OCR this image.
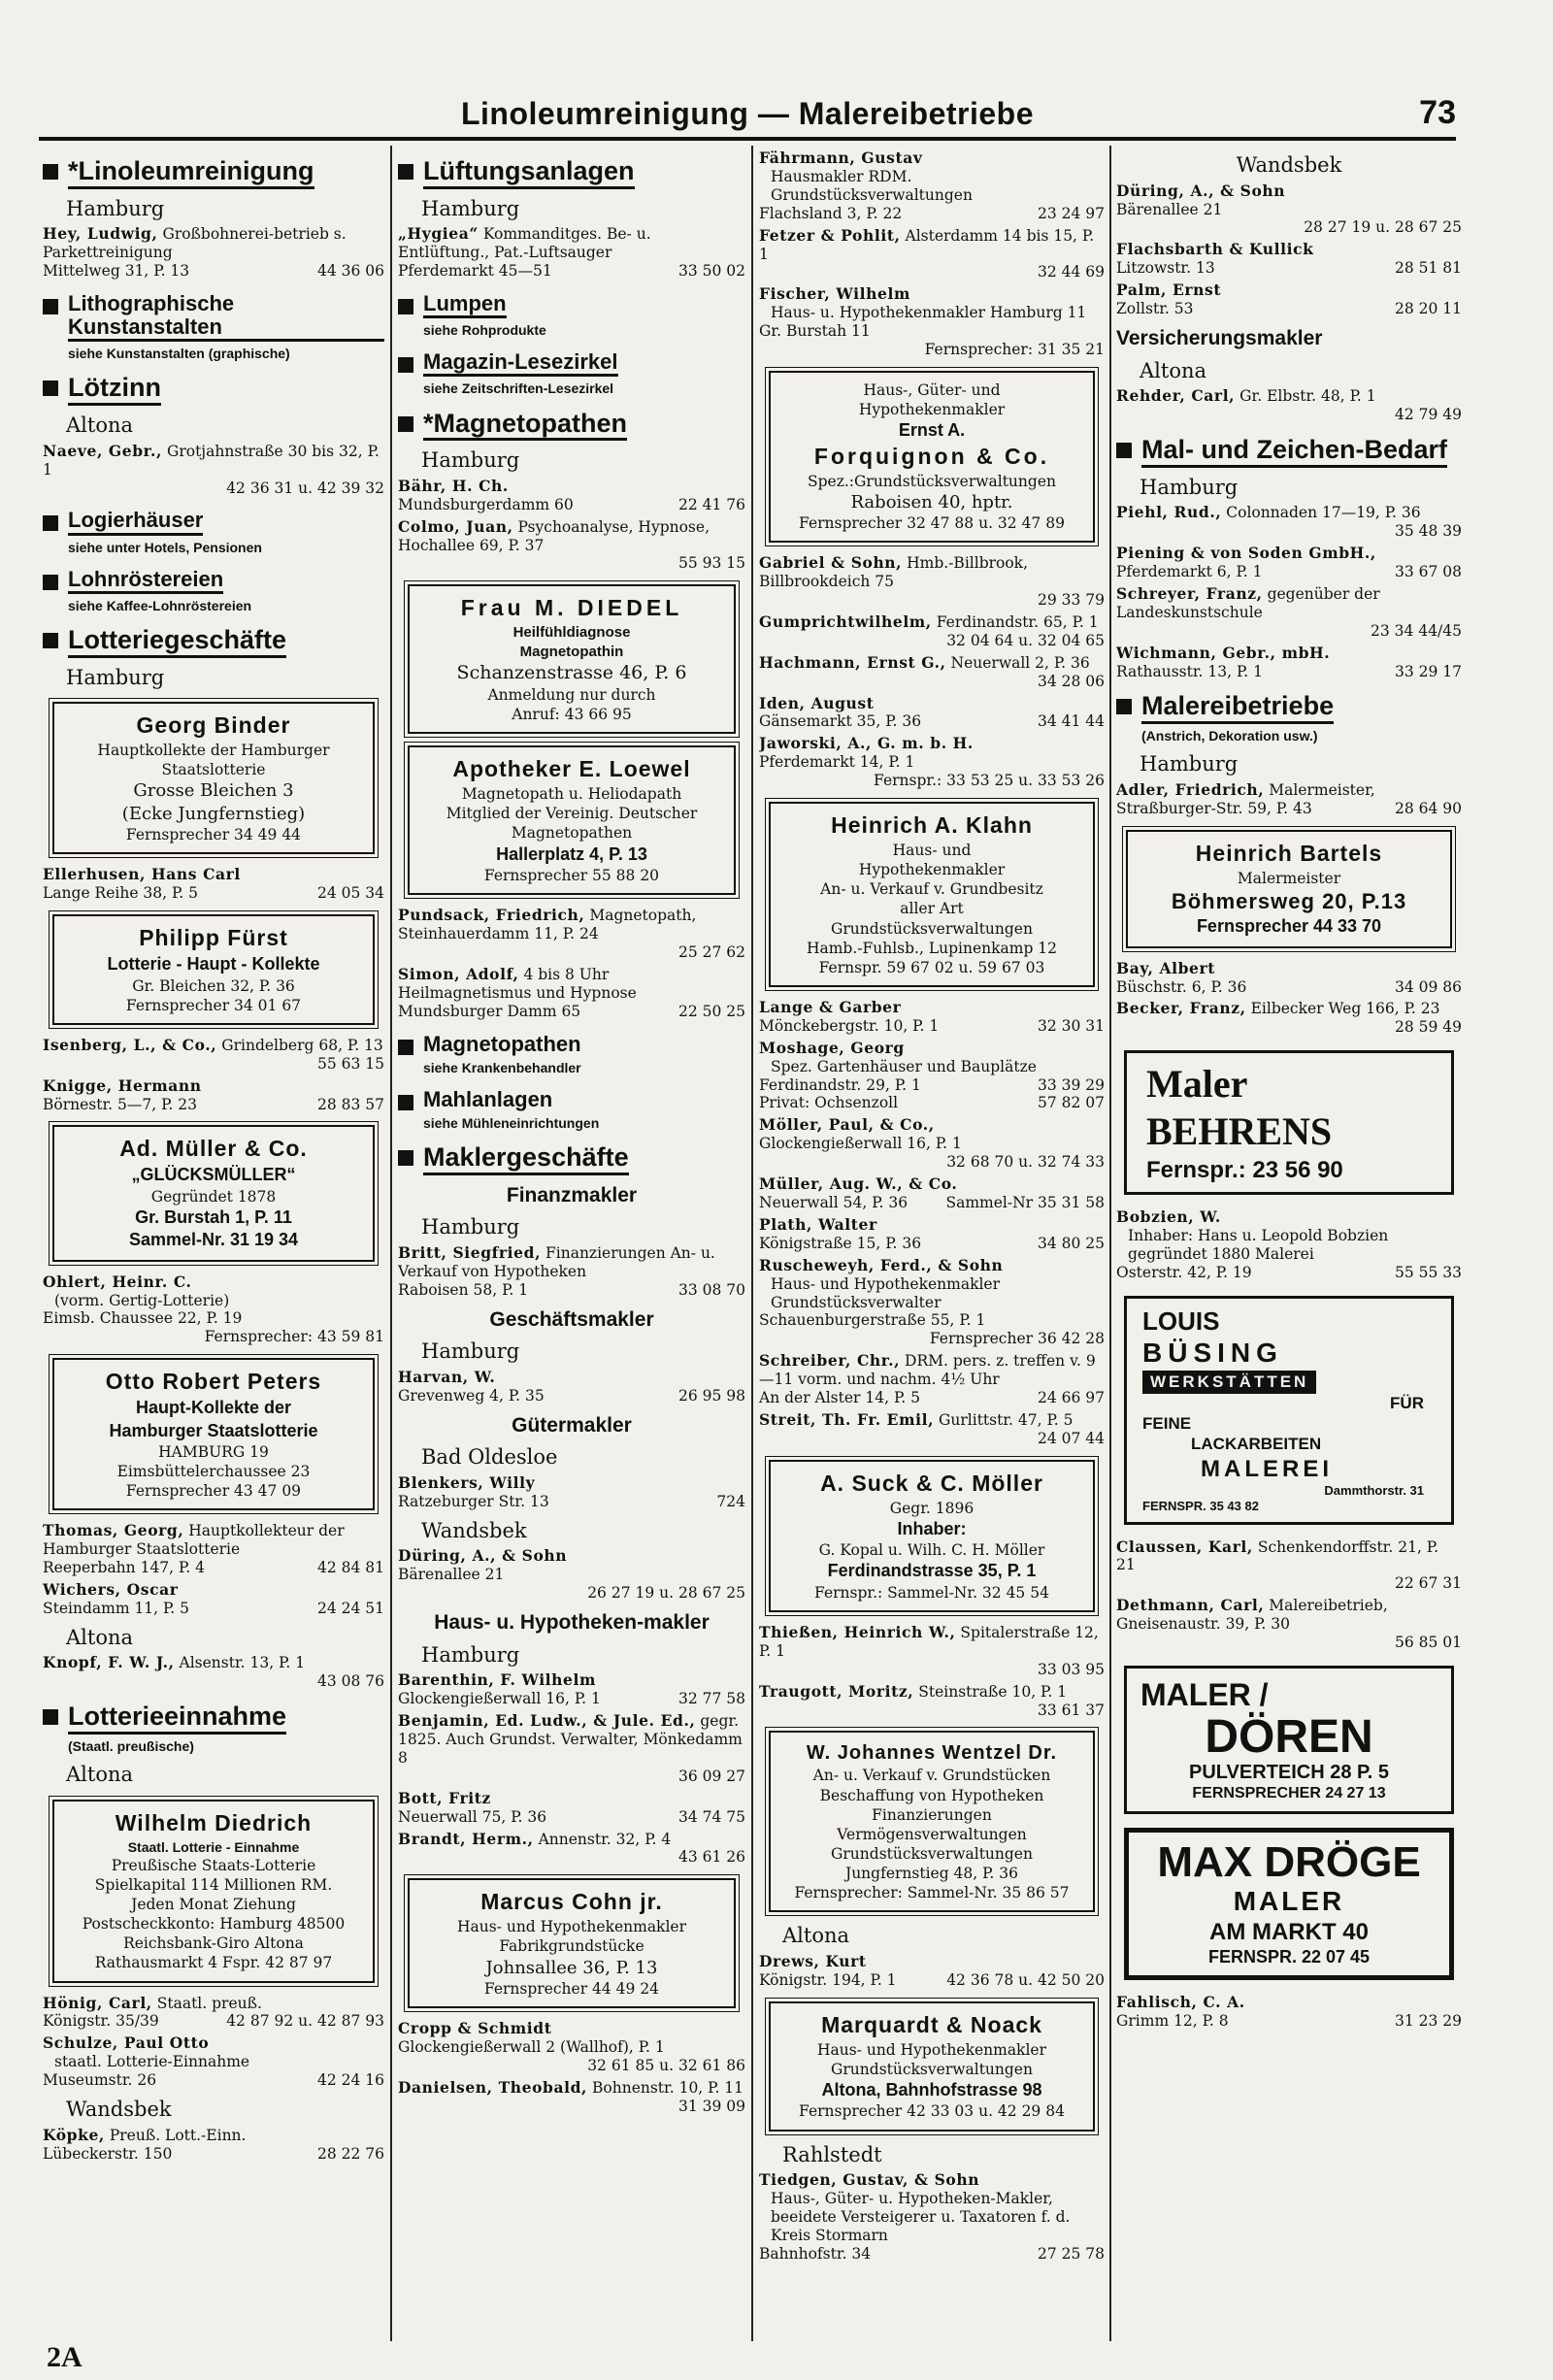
Linoleumreinigung — Malereibetriebe	73
*Linoleumreinigung
Hamburg
Hey, Ludwig, Großbohnerei-betrieb s. Parkettreinigung
Mittelweg 31, P. 13	44 36 06
Lithographische Kunstanstalten
siehe Kunstanstalten (graphische)
Lötzinn
Altona
Naeve, Gebr., Grotjahnstraße 30 bis 32, P. 1
42 36 31 u. 42 39 32
Logierhäuser
siehe unter Hotels, Pensionen
Lohnröstereien
siehe Kaffee-Lohnröstereien
Lotteriegeschäfte
Hamburg
Georg Binder
Hauptkollekte der Hamburger Staatslotterie
Grosse Bleichen 3
(Ecke Jungfernstieg)
Fernsprecher 34 49 44
Ellerhusen, Hans Carl
Lange Reihe 38, P. 5	24 05 34
Philipp Fürst
Lotterie - Haupt - Kollekte
Gr. Bleichen 32, P. 36
Fernsprecher 34 01 67
Isenberg, L., & Co., Grindelberg 68, P. 13
55 63 15
Knigge, Hermann
Börnestr. 5—7, P. 23	28 83 57
Ad. Müller & Co.
„GLÜCKSMÜLLER“
Gegründet 1878
Gr. Burstah 1, P. 11
Sammel-Nr. 31 19 34
Ohlert, Heinr. C.
(vorm. Gertig-Lotterie)
Eimsb. Chaussee 22, P. 19
Fernsprecher: 43 59 81
Otto Robert Peters
Haupt-Kollekte der
Hamburger Staatslotterie
HAMBURG 19
Eimsbüttelerchaussee 23
Fernsprecher 43 47 09
Thomas, Georg, Hauptkollekteur der Hamburger Staatslotterie
Reeperbahn 147, P. 4	42 84 81
Wichers, Oscar
Steindamm 11, P. 5	24 24 51
Altona
Knopf, F. W. J., Alsenstr. 13, P. 1
43 08 76
Lotterieeinnahme
(Staatl. preußische)
Altona
Wilhelm Diedrich
Staatl. Lotterie - Einnahme
Preußische Staats-Lotterie
Spielkapital 114 Millionen RM.
Jeden Monat Ziehung
Postscheckkonto: Hamburg 48500
Reichsbank-Giro Altona
Rathausmarkt 4 Fspr. 42 87 97
Hönig, Carl, Staatl. preuß.
Königstr. 35/39	42 87 92 u. 42 87 93
Schulze, Paul Otto
staatl. Lotterie-Einnahme
Museumstr. 26	42 24 16
Wandsbek
Köpke, Preuß. Lott.-Einn.
Lübeckerstr. 150	28 22 76
Lüftungsanlagen
Hamburg
„Hygiea“ Kommanditges. Be- u. Entlüftung., Pat.-Luftsauger
Pferdemarkt 45—51	33 50 02
Lumpen
siehe Rohprodukte
Magazin-Lesezirkel
siehe Zeitschriften-Lesezirkel
*Magnetopathen
Hamburg
Bähr, H. Ch.
Mundsburgerdamm 60	22 41 76
Colmo, Juan, Psychoanalyse, Hypnose, Hochallee 69, P. 37
55 93 15
Frau M. DIEDEL
Heilfühldiagnose
Magnetopathin
Schanzenstrasse 46, P. 6
Anmeldung nur durch
Anruf: 43 66 95
Apotheker E. Loewel
Magnetopath u. Heliodapath
Mitglied der Vereinig. Deutscher
Magnetopathen
Hallerplatz 4, P. 13
Fernsprecher 55 88 20
Pundsack, Friedrich, Magnetopath, Steinhauerdamm 11, P. 24
25 27 62
Simon, Adolf, 4 bis 8 Uhr Heilmagnetismus und Hypnose
Mundsburger Damm 65	22 50 25
Magnetopathen
siehe Krankenbehandler
Mahlanlagen
siehe Mühleneinrichtungen
Maklergeschäfte
Finanzmakler
Hamburg
Britt, Siegfried, Finanzierungen An- u. Verkauf von Hypotheken
Raboisen 58, P. 1	33 08 70
Geschäftsmakler
Hamburg
Harvan, W.
Grevenweg 4, P. 35	26 95 98
Gütermakler
Bad Oldesloe
Blenkers, Willy
Ratzeburger Str. 13	724
Wandsbek
Düring, A., & Sohn
Bärenallee 21
26 27 19 u. 28 67 25
Haus- u. Hypotheken-makler
Hamburg
Barenthin, F. Wilhelm
Glockengießerwall 16, P. 1	32 77 58
Benjamin, Ed. Ludw., & Jule. Ed., gegr. 1825. Auch Grundst. Verwalter, Mönkedamm 8
36 09 27
Bott, Fritz
Neuerwall 75, P. 36	34 74 75
Brandt, Herm., Annenstr. 32, P. 4
43 61 26
Marcus Cohn jr.
Haus- und Hypothekenmakler
Fabrikgrundstücke
Johnsallee 36, P. 13
Fernsprecher 44 49 24
Cropp & Schmidt
Glockengießerwall 2 (Wallhof), P. 1
32 61 85 u. 32 61 86
Danielsen, Theobald, Bohnenstr. 10, P. 11
31 39 09
Fährmann, Gustav
Hausmakler RDM. Grundstücksverwaltungen
Flachsland 3, P. 22	23 24 97
Fetzer & Pohlit, Alsterdamm 14 bis 15, P. 1
32 44 69
Fischer, Wilhelm
Haus- u. Hypothekenmakler Hamburg 11
Gr. Burstah 11
Fernsprecher: 31 35 21
Haus-, Güter- und
Hypothekenmakler
Ernst A.
Forquignon & Co.
Spez.:Grundstücksverwaltungen
Raboisen 40, hptr.
Fernsprecher 32 47 88 u. 32 47 89
Gabriel & Sohn, Hmb.-Billbrook, Billbrookdeich 75
29 33 79
Gumprichtwilhelm, Ferdinandstr. 65, P. 1
32 04 64 u. 32 04 65
Hachmann, Ernst G., Neuerwall 2, P. 36
34 28 06
Iden, August
Gänsemarkt 35, P. 36	34 41 44
Jaworski, A., G. m. b. H.
Pferdemarkt 14, P. 1
Fernspr.: 33 53 25 u. 33 53 26
Heinrich A. Klahn
Haus- und
Hypothekenmakler
An- u. Verkauf v. Grundbesitz
aller Art
Grundstücksverwaltungen
Hamb.-Fuhlsb., Lupinenkamp 12
Fernspr. 59 67 02 u. 59 67 03
Lange & Garber
Mönckebergstr. 10, P. 1	32 30 31
Moshage, Georg
Spez. Gartenhäuser und Bauplätze
Ferdinandstr. 29, P. 1	33 39 29
Privat: Ochsenzoll	57 82 07
Möller, Paul, & Co.,
Glockengießerwall 16, P. 1
32 68 70 u. 32 74 33
Müller, Aug. W., & Co.
Neuerwall 54, P. 36	Sammel-Nr 35 31 58
Plath, Walter
Königstraße 15, P. 36	34 80 25
Ruscheweyh, Ferd., & Sohn
Haus- und Hypothekenmakler Grundstücksverwalter
Schauenburgerstraße 55, P. 1
Fernsprecher 36 42 28
Schreiber, Chr., DRM. pers. z. treffen v. 9—11 vorm. und nachm. 4½ Uhr
An der Alster 14, P. 5	24 66 97
Streit, Th. Fr. Emil, Gurlittstr. 47, P. 5
24 07 44
A. Suck & C. Möller
Gegr. 1896
Inhaber:
G. Kopal u. Wilh. C. H. Möller
Ferdinandstrasse 35, P. 1
Fernspr.: Sammel-Nr. 32 45 54
Thießen, Heinrich W., Spitalerstraße 12, P. 1
33 03 95
Traugott, Moritz, Steinstraße 10, P. 1
33 61 37
W. Johannes Wentzel Dr.
An- u. Verkauf v. Grundstücken
Beschaffung von Hypotheken
Finanzierungen
Vermögensverwaltungen
Grundstücksverwaltungen
Jungfernstieg 48, P. 36
Fernsprecher: Sammel-Nr. 35 86 57
Altona
Drews, Kurt
Königstr. 194, P. 1	42 36 78 u. 42 50 20
Marquardt & Noack
Haus- und Hypothekenmakler
Grundstücksverwaltungen
Altona, Bahnhofstrasse 98
Fernsprecher 42 33 03 u. 42 29 84
Rahlstedt
Tiedgen, Gustav, & Sohn
Haus-, Güter- u. Hypotheken-Makler, beeidete Versteigerer u. Taxatoren f. d. Kreis Stormarn
Bahnhofstr. 34	27 25 78
Wandsbek
Düring, A., & Sohn
Bärenallee 21
28 27 19 u. 28 67 25
Flachsbarth & Kullick
Litzowstr. 13	28 51 81
Palm, Ernst
Zollstr. 53	28 20 11
Versicherungsmakler
Altona
Rehder, Carl, Gr. Elbstr. 48, P. 1
42 79 49
Mal- und Zeichen-Bedarf
Hamburg
Piehl, Rud., Colonnaden 17—19, P. 36
35 48 39
Piening & von Soden GmbH.,
Pferdemarkt 6, P. 1	33 67 08
Schreyer, Franz, gegenüber der Landeskunstschule
23 34 44/45
Wichmann, Gebr., mbH.
Rathausstr. 13, P. 1	33 29 17
Malereibetriebe
(Anstrich, Dekoration usw.)
Hamburg
Adler, Friedrich, Malermeister,
Straßburger-Str. 59, P. 43	28 64 90
Heinrich Bartels
Malermeister
Böhmersweg 20, P.13
Fernsprecher 44 33 70
Bay, Albert
Büschstr. 6, P. 36	34 09 86
Becker, Franz, Eilbecker Weg 166, P. 23
28 59 49
Maler
BEHRENS
Fernspr.: 23 56 90
Bobzien, W.
Inhaber: Hans u. Leopold Bobzien gegründet 1880 Malerei
Osterstr. 42, P. 19	55 55 33
LOUIS
BÜSING
WERKSTÄTTEN
FÜR
FEINE
LACKARBEITEN
MALEREI
Dammthorstr. 31
FERNSPR. 35 43 82
Claussen, Karl, Schenkendorffstr. 21, P. 21
22 67 31
Dethmann, Carl, Malereibetrieb, Gneisenaustr. 39, P. 30
56 85 01
MALER /
DÖREN
PULVERTEICH 28 P. 5
FERNSPRECHER 24 27 13
MAX DRÖGE
MALER
AM MARKT 40
FERNSPR. 22 07 45
Fahlisch, C. A.
Grimm 12, P. 8	31 23 29
2A
